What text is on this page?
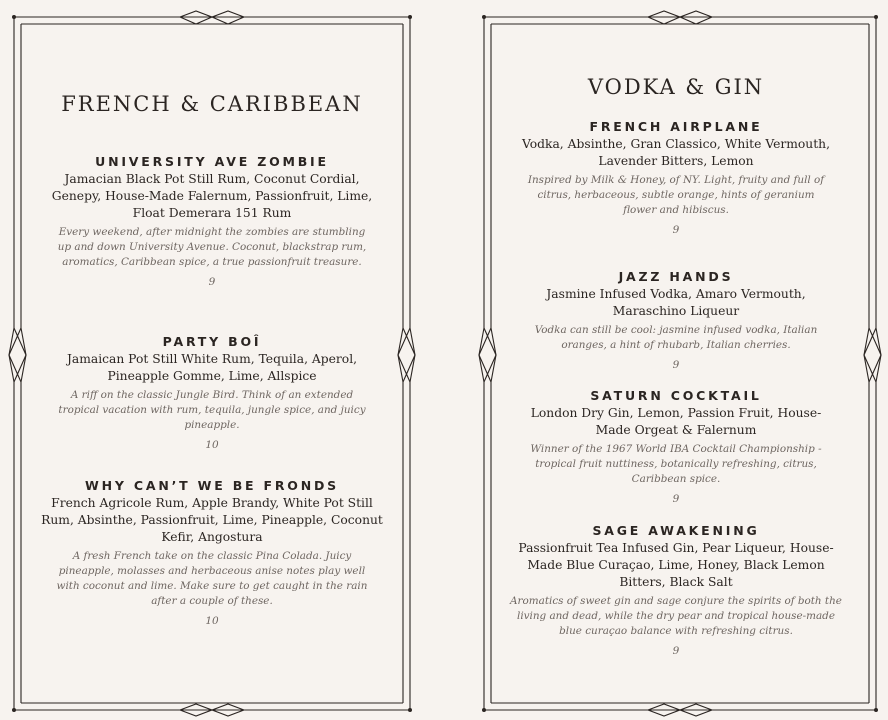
FRENCH & CARIBBEAN
UNIVERSITY AVE ZOMBIE
Jamacian Black Pot Still Rum, Coconut Cordial, Genepy, House-Made Falernum, Passionfruit, Lime, Float Demerara 151 Rum
Every weekend, after midnight the zombies are stumbling up and down University Avenue. Coconut, blackstrap rum, aromatics, Caribbean spice, a true passionfruit treasure.
9
PARTY BOÎ
Jamaican Pot Still White Rum, Tequila, Aperol, Pineapple Gomme, Lime, Allspice
A riff on the classic Jungle Bird. Think of an extended tropical vacation with rum, tequila, jungle spice, and juicy pineapple.
10
WHY CAN’T WE BE FRONDS
French Agricole Rum, Apple Brandy, White Pot Still Rum, Absinthe, Passionfruit, Lime, Pineapple, Coconut Kefir, Angostura
A fresh French take on the classic Pina Colada. Juicy pineapple, molasses and herbaceous anise notes play well with coconut and lime. Make sure to get caught in the rain after a couple of these.
10
VODKA & GIN
FRENCH AIRPLANE
Vodka, Absinthe, Gran Classico, White Vermouth, Lavender Bitters, Lemon
Inspired by Milk & Honey, of NY. Light, fruity and full of citrus, herbaceous, subtle orange, hints of geranium flower and hibiscus.
9
JAZZ HANDS
Jasmine Infused Vodka, Amaro Vermouth, Maraschino Liqueur
Vodka can still be cool: jasmine infused vodka, Italian oranges, a hint of rhubarb, Italian cherries.
9
SATURN COCKTAIL
London Dry Gin, Lemon, Passion Fruit, House-Made Orgeat & Falernum
Winner of the 1967 World IBA Cocktail Championship - tropical fruit nuttiness, botanically refreshing, citrus, Caribbean spice.
9
SAGE AWAKENING
Passionfruit Tea Infused Gin, Pear Liqueur, House-Made Blue Curaçao, Lime, Honey, Black Lemon Bitters, Black Salt
Aromatics of sweet gin and sage conjure the spirits of both the living and dead, while the dry pear and tropical house-made blue curaçao balance with refreshing citrus.
9
